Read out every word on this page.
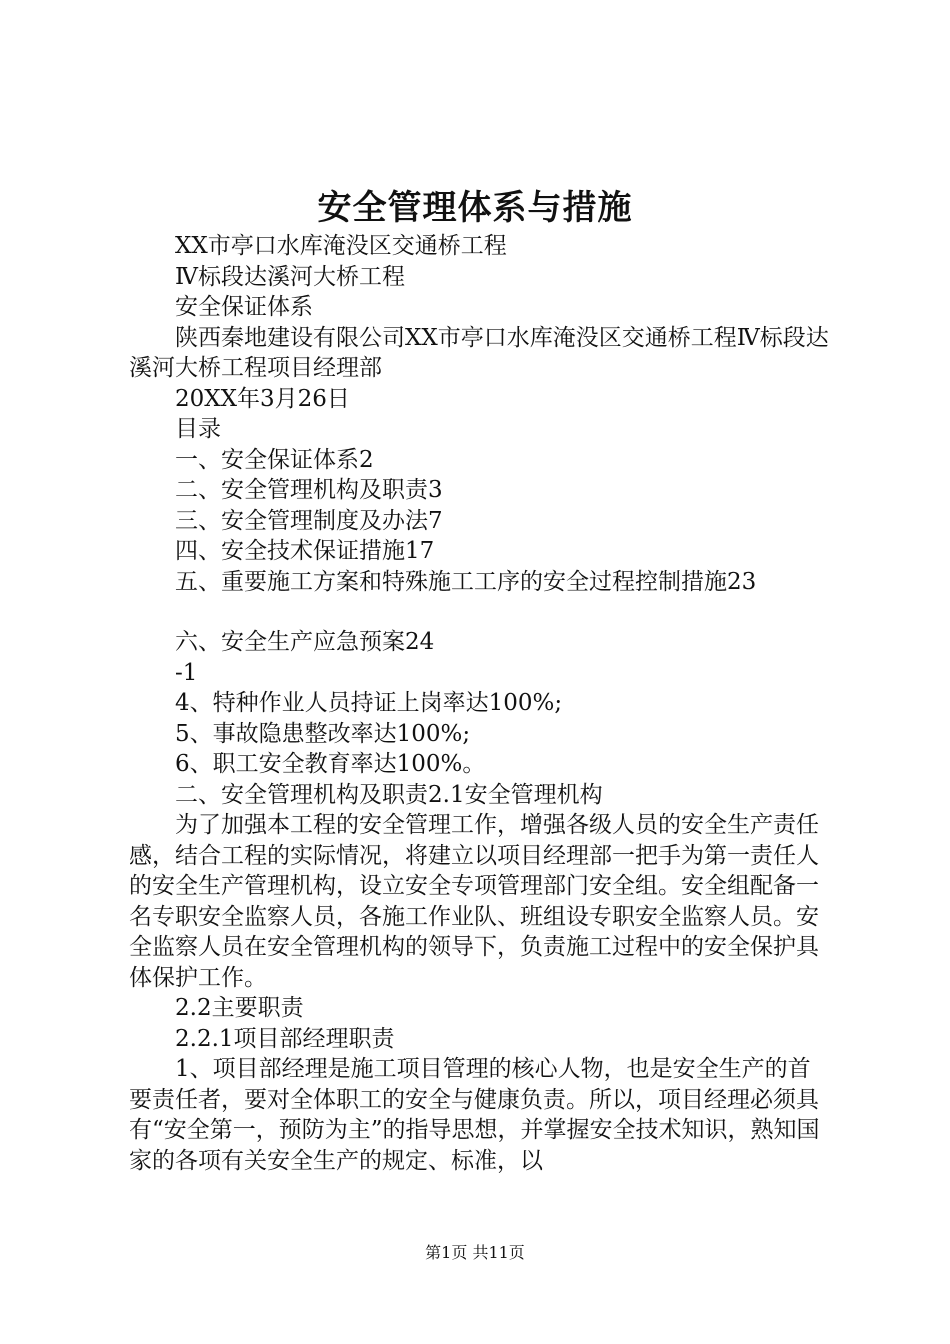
安全管理体系与措施

XX市亭口水库淹没区交通桥工程

Ⅳ标段达溪河大桥工程

安全保证体系

陕西秦地建设有限公司XX市亭口水库淹没区交通桥工程Ⅳ标段达溪河大桥工程项目经理部

20XX年3月26日

目录

一、安全保证体系2

二、安全管理机构及职责3

三、安全管理制度及办法7

四、安全技术保证措施17

五、重要施工方案和特殊施工工序的安全过程控制措施23

六、安全生产应急预案24

-1

4、特种作业人员持证上岗率达100%;

5、事故隐患整改率达100%;

6、职工安全教育率达100%。

二、安全管理机构及职责2.1安全管理机构

为了加强本工程的安全管理工作，增强各级人员的安全生产责任感，结合工程的实际情况，将建立以项目经理部一把手为第一责任人的安全生产管理机构，设立安全专项管理部门安全组。安全组配备一名专职安全监察人员，各施工作业队、班组设专职安全监察人员。安全监察人员在安全管理机构的领导下，负责施工过程中的安全保护具体保护工作。

2.2主要职责

2.2.1项目部经理职责

1、项目部经理是施工项目管理的核心人物，也是安全生产的首要责任者，要对全体职工的安全与健康负责。所以，项目经理必须具有“安全第一，预防为主”的指导思想，并掌握安全技术知识，熟知国家的各项有关安全生产的规定、标准，以

第1页 共11页
